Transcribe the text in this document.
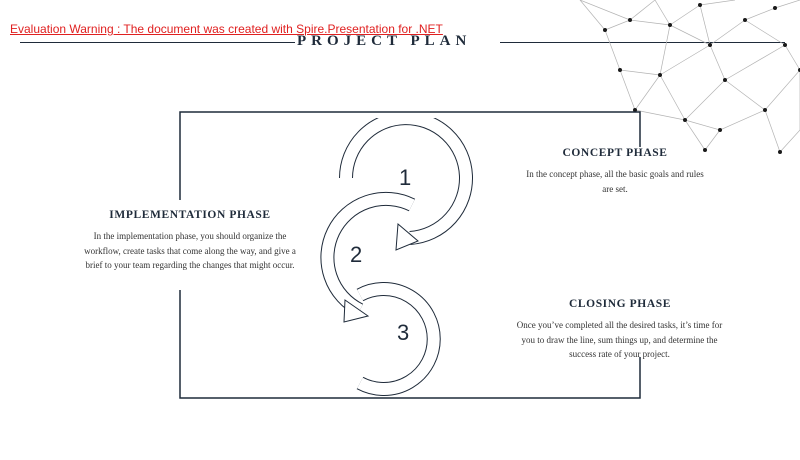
Evaluation Warning : The document was created with Spire.Presentation for .NET
PROJECT PLAN
1
2
3
CONCEPT PHASE
In the concept phase, all the basic goals and rules are set.
IMPLEMENTATION PHASE
In the implementation phase, you should organize the workflow, create tasks that come along the way, and give a brief to your team regarding the changes that might occur.
CLOSING PHASE
Once you’ve completed all the desired tasks, it’s time for you to draw the line, sum things up, and determine the success rate of your project.
